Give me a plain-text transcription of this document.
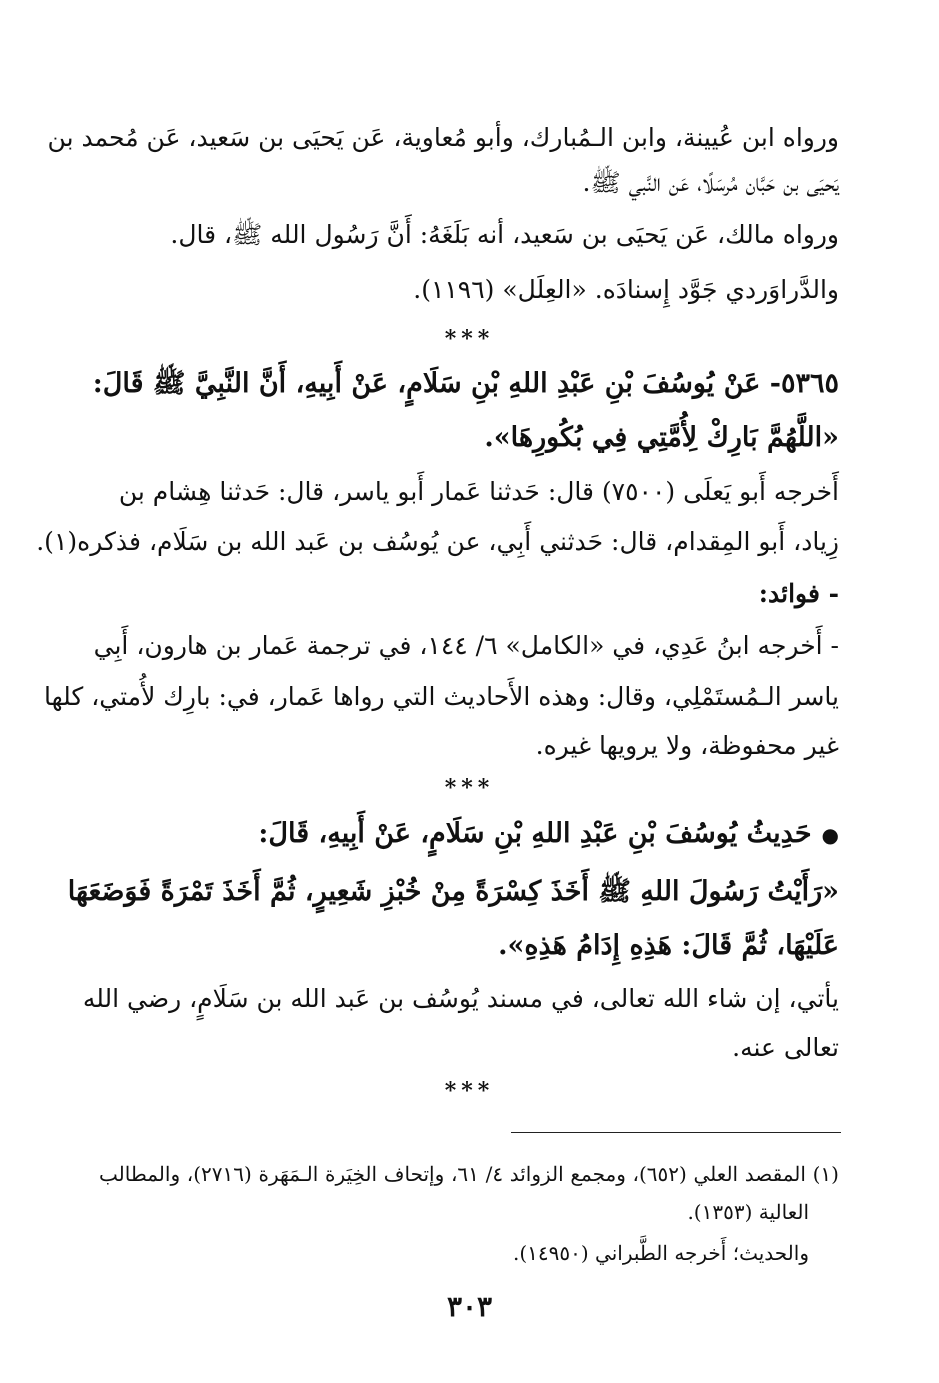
ورواه ابن عُيينة، وابن الـمُبارك، وأبو مُعاوية، عَن يَحيَى بن سَعيد، عَن مُحمد بن
يَحيَى بن حَبَّان مُرسَلًا، عَن النَّبي ﷺ.
ورواه مالك، عَن يَحيَى بن سَعيد، أنه بَلَغَهُ: أَنَّ رَسُول الله ﷺ، قال.
والدَّراوَردي جَوَّد إِسنادَه. «العِلَل» (١١٩٦).
***
٥٣٦٥- عَنْ يُوسُفَ بْنِ عَبْدِ اللهِ بْنِ سَلَامٍ، عَنْ أَبِيهِ، أَنَّ النَّبِيَّ ﷺ قَالَ:
«اللَّهُمَّ بَارِكْ لِأُمَّتِي فِي بُكُورِهَا».
أَخرجه أَبو يَعلَى (٧٥٠٠) قال: حَدثنا عَمار أَبو ياسر، قال: حَدثنا هِشام بن
زِياد، أَبو المِقدام، قال: حَدثني أَبِي، عن يُوسُف بن عَبد الله بن سَلَام، فذكره(١).
- فوائد:
- أَخرجه ابنُ عَدِي، في «الكامل» ٦/ ١٤٤، في ترجمة عَمار بن هارون، أَبِي
ياسر الـمُستَمْلِي، وقال: وهذه الأَحاديث التي رواها عَمار، في: بارِك لأُمتي، كلها
غير محفوظة، ولا يرويها غيره.
***
●حَدِيثُ يُوسُفَ بْنِ عَبْدِ اللهِ بْنِ سَلَامٍ، عَنْ أَبِيهِ، قَالَ:
«رَأَيْتُ رَسُولَ اللهِ ﷺ أَخَذَ كِسْرَةً مِنْ خُبْزِ شَعِيرٍ، ثُمَّ أَخَذَ تَمْرَةً فَوَضَعَهَا
عَلَيْهَا، ثُمَّ قَالَ: هَذِهِ إِدَامُ هَذِهِ».
يأتي، إن شاء الله تعالى، في مسند يُوسُف بن عَبد الله بن سَلَامٍ، رضي الله
تعالى عنه.
***
(١) المقصد العلي (٦٥٢)، ومجمع الزوائد ٤/ ٦١، وإتحاف الخِيَرة الـمَهَرة (٢٧١٦)، والمطالب
العالية (١٣٥٣).
والحديث؛ أَخرجه الطَّبراني (١٤٩٥٠).
٣٠٣
